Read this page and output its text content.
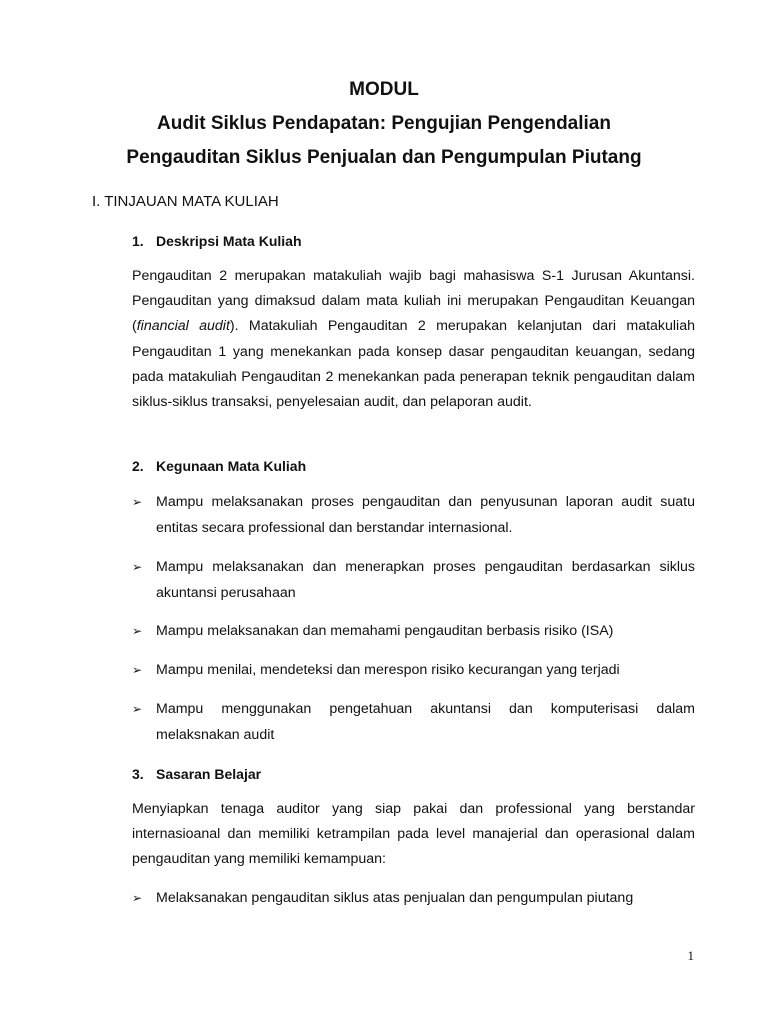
MODUL
Audit Siklus Pendapatan: Pengujian Pengendalian
Pengauditan Siklus Penjualan dan Pengumpulan Piutang
I. TINJAUAN MATA KULIAH
1. Deskripsi Mata Kuliah

Pengauditan 2 merupakan matakuliah wajib bagi mahasiswa S-1 Jurusan Akuntansi. Pengauditan yang dimaksud dalam mata kuliah ini merupakan Pengauditan Keuangan (financial audit). Matakuliah Pengauditan 2 merupakan kelanjutan dari matakuliah Pengauditan 1 yang menekankan pada konsep dasar pengauditan keuangan, sedang pada matakuliah Pengauditan 2 menekankan pada penerapan teknik pengauditan dalam siklus-siklus transaksi, penyelesaian audit, dan pelaporan audit.

2. Kegunaan Mata Kuliah
➢ Mampu melaksanakan proses pengauditan dan penyusunan laporan audit suatu entitas secara professional dan berstandar internasional.
➢ Mampu melaksanakan dan menerapkan proses pengauditan berdasarkan siklus akuntansi perusahaan
➢ Mampu melaksanakan dan memahami pengauditan berbasis risiko (ISA)
➢ Mampu menilai, mendeteksi dan merespon risiko kecurangan yang terjadi
➢ Mampu menggunakan pengetahuan akuntansi dan komputerisasi dalam melaksnakan audit
3. Sasaran Belajar

Menyiapkan tenaga auditor yang siap pakai dan professional yang berstandar internasioanal dan memiliki ketrampilan pada level manajerial dan operasional dalam pengauditan yang memiliki kemampuan:

➢ Melaksanakan pengauditan siklus atas penjualan dan pengumpulan piutang
1
